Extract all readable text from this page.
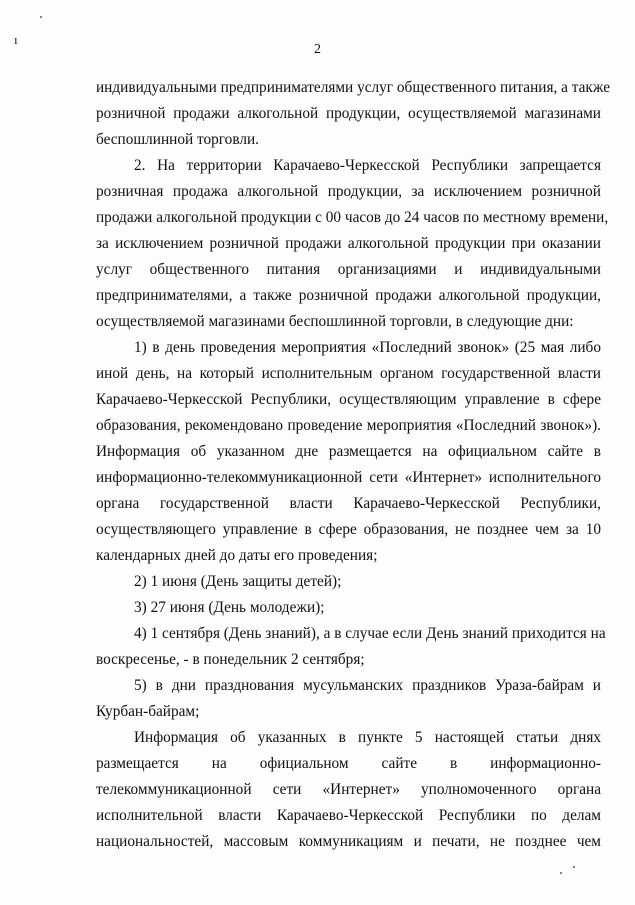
ı
2
индивидуальными предпринимателями услуг общественного питания, а также
розничной продажи алкогольной продукции, осуществляемой магазинами
беспошлинной торговли.
2. На территории Карачаево-Черкесской Республики запрещается
розничная продажа алкогольной продукции, за исключением розничной
продажи алкогольной продукции с 00 часов до 24 часов по местному времени,
за исключением розничной продажи алкогольной продукции при оказании
услуг общественного питания организациями и индивидуальными
предпринимателями, а также розничной продажи алкогольной продукции,
осуществляемой магазинами беспошлинной торговли, в следующие дни:
1) в день проведения мероприятия «Последний звонок» (25 мая либо
иной день, на который исполнительным органом государственной власти
Карачаево-Черкесской Республики, осуществляющим управление в сфере
образования, рекомендовано проведение мероприятия «Последний звонок»).
Информация об указанном дне размещается на официальном сайте в
информационно-телекоммуникационной сети «Интернет» исполнительного
органа государственной власти Карачаево-Черкесской Республики,
осуществляющего управление в сфере образования, не позднее чем за 10
календарных дней до даты его проведения;
2) 1 июня (День защиты детей);
3) 27 июня (День молодежи);
4) 1 сентября (День знаний), а в случае если День знаний приходится на
воскресенье, - в понедельник 2 сентября;
5) в дни празднования мусульманских праздников Ураза-байрам и
Курбан-байрам;
Информация об указанных в пункте 5 настоящей статьи днях
размещается на официальном сайте в информационно-
телекоммуникационной сети «Интернет» уполномоченного органа
исполнительной власти Карачаево-Черкесской Республики по делам
национальностей, массовым коммуникациям и печати, не позднее чем
